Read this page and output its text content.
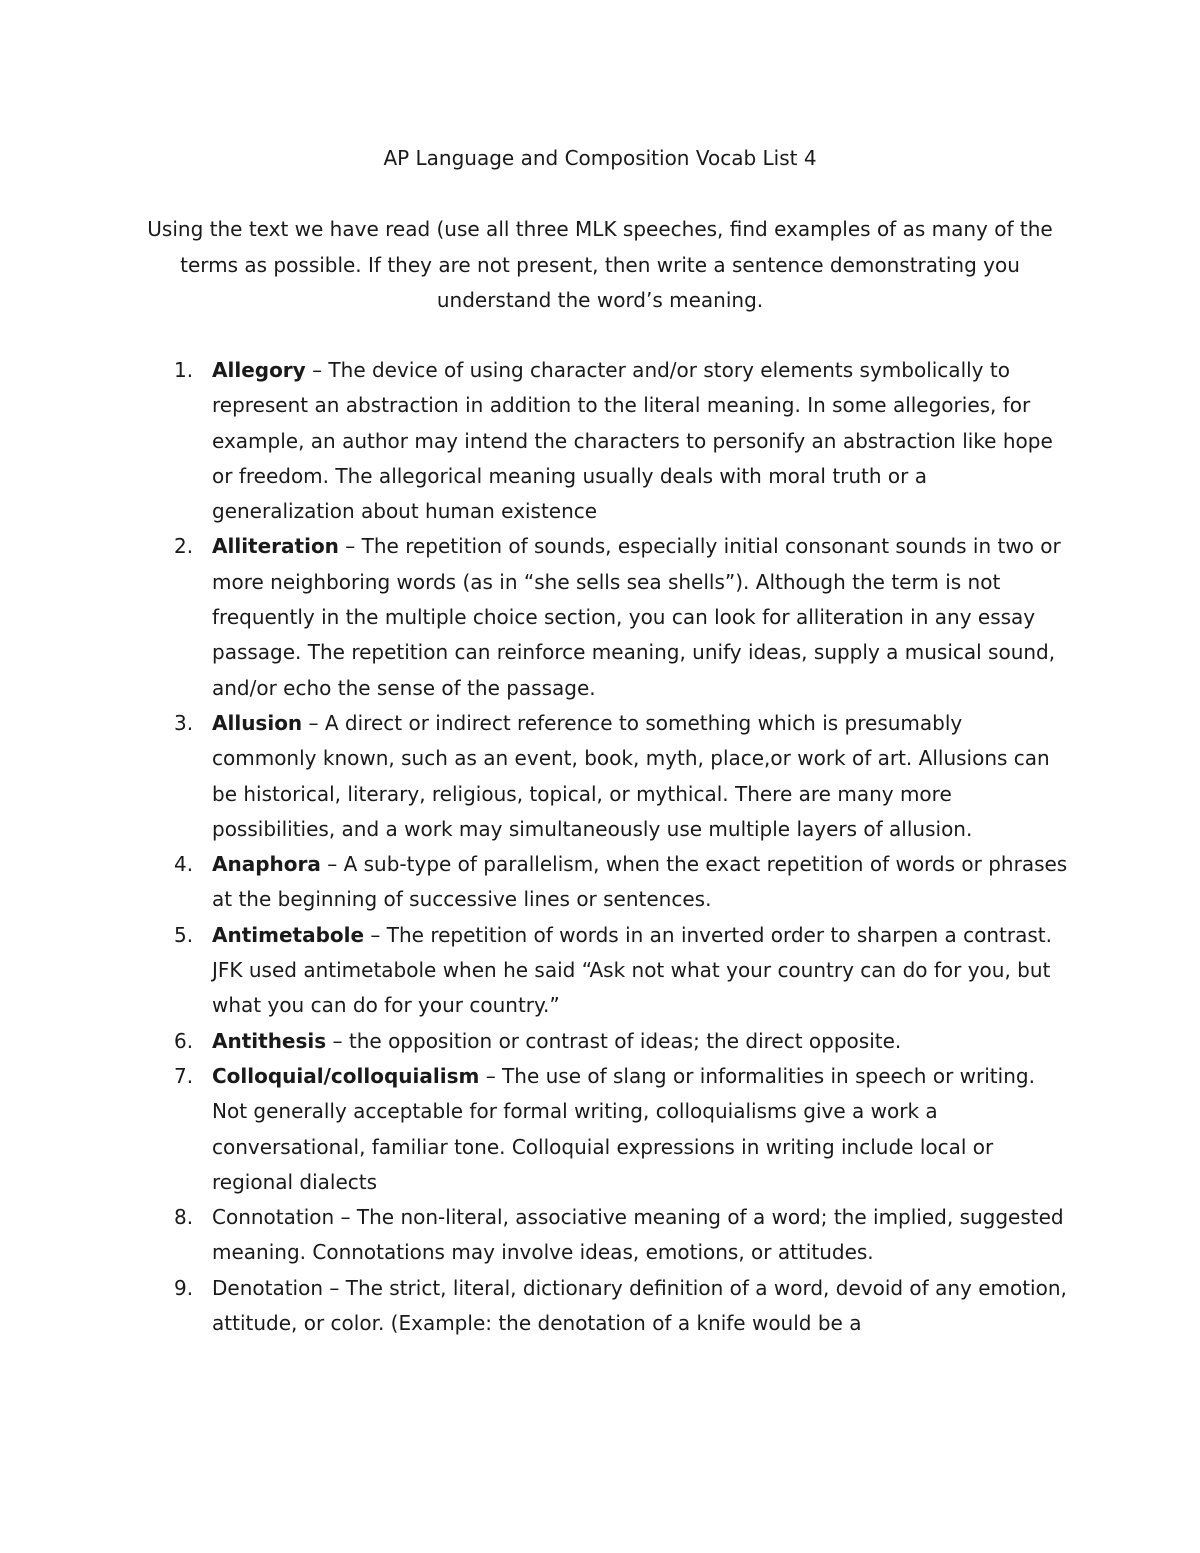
AP Language and Composition Vocab List 4

Using the text we have read (use all three MLK speeches, find examples of as many of the terms as possible. If they are not present, then write a sentence demonstrating you understand the word’s meaning.

1. Allegory – The device of using character and/or story elements symbolically to represent an abstraction in addition to the literal meaning. In some allegories, for example, an author may intend the characters to personify an abstraction like hope or freedom. The allegorical meaning usually deals with moral truth or a generalization about human existence
2. Alliteration – The repetition of sounds, especially initial consonant sounds in two or more neighboring words (as in “she sells sea shells”). Although the term is not frequently in the multiple choice section, you can look for alliteration in any essay passage. The repetition can reinforce meaning, unify ideas, supply a musical sound, and/or echo the sense of the passage.
3. Allusion – A direct or indirect reference to something which is presumably commonly known, such as an event, book, myth, place,or work of art. Allusions can be historical, literary, religious, topical, or mythical. There are many more possibilities, and a work may simultaneously use multiple layers of allusion.
4. Anaphora – A sub-type of parallelism, when the exact repetition of words or phrases at the beginning of successive lines or sentences.
5. Antimetabole – The repetition of words in an inverted order to sharpen a contrast. JFK used antimetabole when he said “Ask not what your country can do for you, but what you can do for your country.”
6. Antithesis – the opposition or contrast of ideas; the direct opposite.
7. Colloquial/colloquialism – The use of slang or informalities in speech or writing. Not generally acceptable for formal writing, colloquialisms give a work a conversational, familiar tone. Colloquial expressions in writing include local or regional dialects
8. Connotation – The non-literal, associative meaning of a word; the implied, suggested meaning. Connotations may involve ideas, emotions, or attitudes.
9. Denotation – The strict, literal, dictionary definition of a word, devoid of any emotion, attitude, or color. (Example: the denotation of a knife would be a
